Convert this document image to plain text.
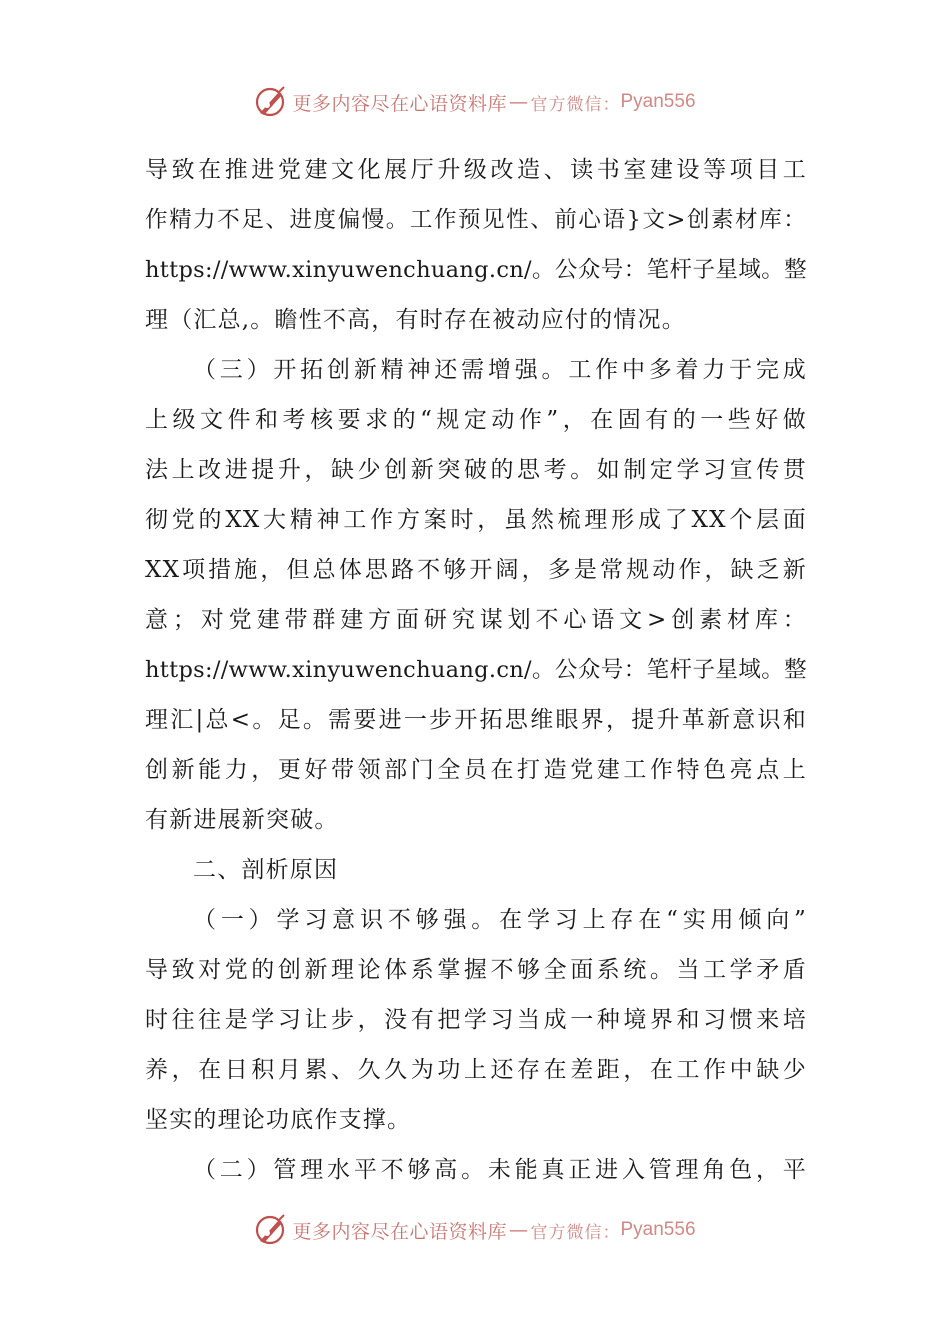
更多内容尽在心语资料库 — 官方微信： Pyan556
导致在推进党建文化展厅升级改造、读书室建设等项目工
作精力不足、进度偏慢。工作预见性、前心语}文>创素材库：
https://www.xinyuwenchuang.cn/。公众号：笔杆子星域。整
理（汇总,。瞻性不高，有时存在被动应付的情况。
（三）开拓创新精神还需增强。工作中多着力于完成
上级文件和考核要求的“规定动作”，在固有的一些好做
法上改进提升，缺少创新突破的思考。如制定学习宣传贯
彻党的XX大精神工作方案时，虽然梳理形成了XX个层面
XX项措施，但总体思路不够开阔，多是常规动作，缺乏新
意；对党建带群建方面研究谋划不心语文>创素材库：
https://www.xinyuwenchuang.cn/。公众号：笔杆子星域。整
理汇|总<。足。需要进一步开拓思维眼界，提升革新意识和
创新能力，更好带领部门全员在打造党建工作特色亮点上
有新进展新突破。
二、剖析原因
（一）学习意识不够强。在学习上存在“实用倾向”
导致对党的创新理论体系掌握不够全面系统。当工学矛盾
时往往是学习让步，没有把学习当成一种境界和习惯来培
养，在日积月累、久久为功上还存在差距，在工作中缺少
坚实的理论功底作支撑。
（二）管理水平不够高。未能真正进入管理角色，平
更多内容尽在心语资料库 — 官方微信： Pyan556
